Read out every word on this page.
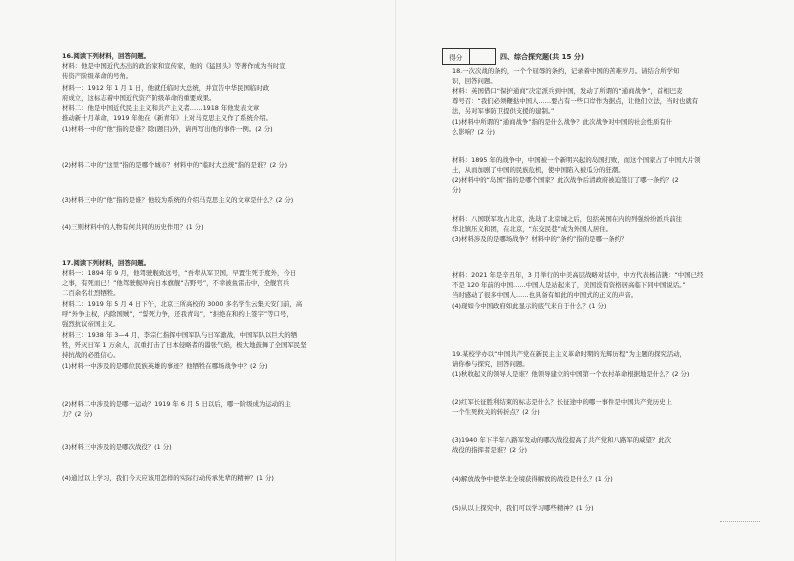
16.阅读下列材料，回答问题。
材料：他是中国近代杰出的政治家和宣传家，他的《猛回头》等著作成为当时宣
传资产阶级革命的号角。
材料一：1912 年 1 月 1 日，他就任临时大总统，并宣告中华民国临时政
府成立，这标志着中国近代资产阶级革命的重要成果。
材料二：他是中国近代民主主义和共产主义者……1918 年他发表文章
推动新十月革命，1919 年他在《新青年》上对马克思主义作了系统介绍。
(1)材料一中的“他”指的是谁？除(题目)外，请再写出他的事件一例。(2 分)
(2)材料二中的“这里”指的是哪个城市？材料中的“临时大总统”指的是谁？(2 分)
(3)材料三中的“他”指的是谁？他较为系统的介绍马克思主义的文章是什么？(2 分)
(4)三则材料中的人物有何共同的历史作用？(1 分)
17.阅读下列材料，回答问题。
材料一：1894 年 9 月，他驾驶舰致远号，“吾辈从军卫国，早置生死于度外，今日
之事，有死而已！”他驾驶舰冲向日本旗舰“吉野号”，不幸被鱼雷击中，全舰官兵
二百余名壮烈牺牲。
材料二：1919 年 5 月 4 日下午，北京三所高校的 3000 多名学生云集天安门前，高
呼“外争主权，内除国贼”，“誓死力争，还我青岛”，“拒绝在和约上签字”等口号，
强烈抗议帝国主义。
材料三：1938 年 3—4 月，李宗仁指挥中国军队与日军激战，中国军队以巨大的牺
牲，歼灭日军 1 万余人，沉重打击了日本侵略者的嚣张气焰，极大地鼓舞了全国军民坚
持抗战的必胜信心。
(1)材料一中涉及的是哪位民族英雄的事迹？他牺牲在哪场战争中？(2 分)
(2)材料二中涉及的是哪一运动？1919 年 6 月 5 日以后，哪一阶级成为运动的主
力？(2 分)
(3)材料三中涉及的是哪次战役？(1 分)
(4)通过以上学习，我们今天应该用怎样的实际行动传承先辈的精神？(1 分)
得分	四、综合探究题(共 15 分)
18.一次次战的条约，一个个屈辱的条约，记录着中国的苦难岁月。请结合所学知
识，回答问题。
材料：英国借口“保护通商”决定派兵到中国，发动了所谓的“通商战争”，首相巴麦
尊号召：“我们必须鞭挞中国人……要占有一些口岸作为据点，让他们立法，当时也就有
法，另对军事防卫提供支援的建制。”
(1)材料中所谓的“通商战争”指的是什么战争？此次战争对中国的社会性质有什
么影响？(2 分)
材料：1895 年的战争中，中国被一个新明兴起的岛国打败，而这个国家占了中国大片领
土，从而加剧了中国的民族危机，使中国陷入被瓜分的狂潮。
(2)材料中的“岛国”指的是哪个国家？此次战争后清政府被迫签订了哪一条约？(2
分)
材料：八国联军攻占北京，洗劫了北京城之后，包括英国在内的列强纷纷派兵前往
华北镇压义和团，在北京，“东交民巷”成为外国人居住。
(3)材料涉及的是哪场战争？材料中的“条约”指的是哪一条约？
材料：2021 年是辛丑年，3 月举行的中美高层战略对话中，中方代表杨洁篪：“中国已经
不是 120 年前的中国……中国人是站起来了，美国没有资格居高临下同中国说话。”
当时感动了很多中国人……也具备有如此的中国式的正义的声音。
(4)现如今中国政府如此显示的底气来自于什么？(1 分)
19.某校学办以“中国共产党在新民主主义革命时期的光辉历程”为主题的探究活动，
请你参与探究，回答问题。
(1)秋收起义的领导人是谁？他领导建立的中国第一个农村革命根据地是什么？(2 分)
(2)红军长征胜利结束的标志是什么？长征途中的哪一事件是中国共产党历史上
一个生死攸关的转折点？(2 分)
(3)1940 年下半年八路军发动的哪次战役提高了共产党和八路军的威望？此次
战役的指挥者是谁？(2 分)
(4)解放战争中使华北全境获得解放的战役是什么？(1 分)
(5)从以上探究中，我们可以学习哪些精神？(1 分)
